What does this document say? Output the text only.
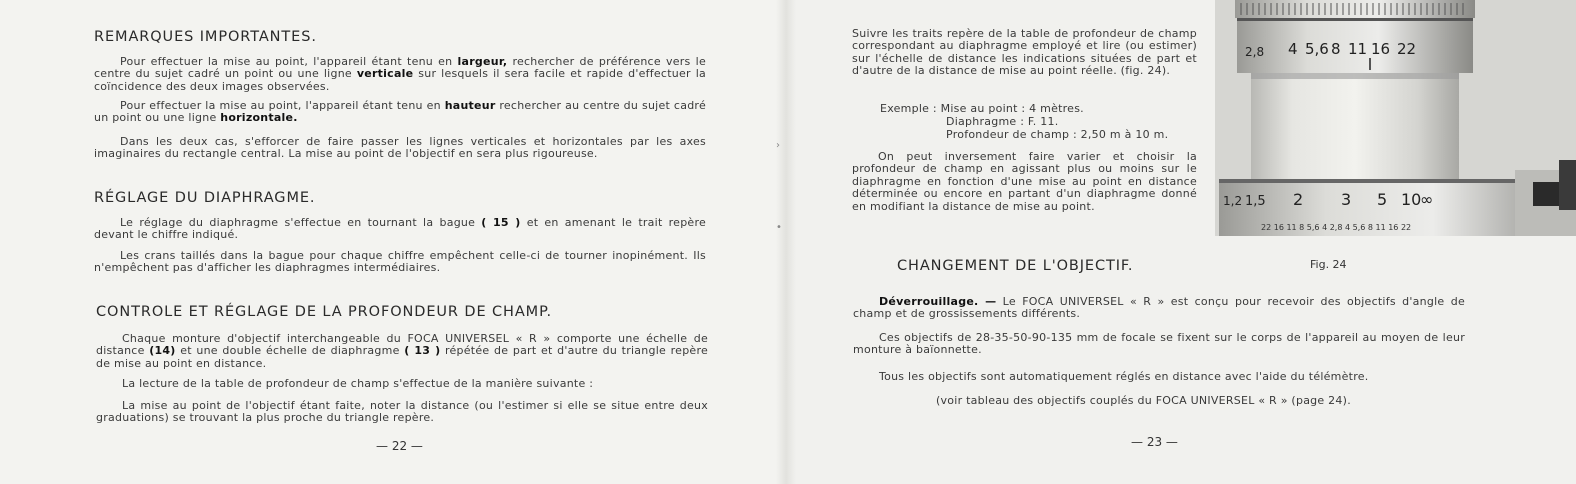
REMARQUES IMPORTANTES.

Pour effectuer la mise au point, l'appareil étant tenu en largeur, rechercher de préférence vers le centre du sujet cadré un point ou une ligne verticale sur lesquels il sera facile et rapide d'effectuer la coïncidence des deux images observées.

Pour effectuer la mise au point, l'appareil étant tenu en hauteur rechercher au centre du sujet cadré un point ou une ligne horizontale.

Dans les deux cas, s'efforcer de faire passer les lignes verticales et horizontales par les axes imaginaires du rectangle central. La mise au point de l'objectif en sera plus rigoureuse.

RÉGLAGE DU DIAPHRAGME.

Le réglage du diaphragme s'effectue en tournant la bague ( 15 ) et en amenant le trait repère devant le chiffre indiqué.

Les crans taillés dans la bague pour chaque chiffre empêchent celle-ci de tourner inopinément. Ils n'empêchent pas d'afficher les diaphragmes intermédiaires.

CONTROLE ET RÉGLAGE DE LA PROFONDEUR DE CHAMP.

Chaque monture d'objectif interchangeable du FOCA UNIVERSEL « R » comporte une échelle de distance (14) et une double échelle de diaphragme ( 13 ) répétée de part et d'autre du triangle repère de mise au point en distance.

La lecture de la table de profondeur de champ s'effectue de la manière suivante :

La mise au point de l'objectif étant faite, noter la distance (ou l'estimer si elle se situe entre deux graduations) se trouvant la plus proche du triangle repère.

— 22 —

Suivre les traits repère de la table de profondeur de champ correspondant au diaphragme employé et lire (ou estimer) sur l'échelle de distance les indications situées de part et d'autre de la distance de mise au point réelle. (fig. 24).

Exemple : Mise au point : 4 mètres.
Diaphragme : F. 11.
Profondeur de champ : 2,50 m à 10 m.

On peut inversement faire varier et choisir la profondeur de champ en agissant plus ou moins sur le diaphragme en fonction d'une mise au point en distance déterminée ou encore en partant d'un diaphragme donné en modifiant la distance de mise au point.

2,8 4 5,6 8 11 16 22
1,2 1,5 2 3 5 10
∞
22 16 11 8 5,6 4 2,8 4 5,6 8 11 16 22
CHANGEMENT DE L'OBJECTIF.	Fig. 24

Déverrouillage. — Le FOCA UNIVERSEL « R » est conçu pour recevoir des objectifs d'angle de champ et de grossissements différents.

Ces objectifs de 28-35-50-90-135 mm de focale se fixent sur le corps de l'appareil au moyen de leur monture à baïonnette.

Tous les objectifs sont automatiquement réglés en distance avec l'aide du télémètre.

(voir tableau des objectifs couplés du FOCA UNIVERSEL « R » (page 24).

— 23 —
›
•
